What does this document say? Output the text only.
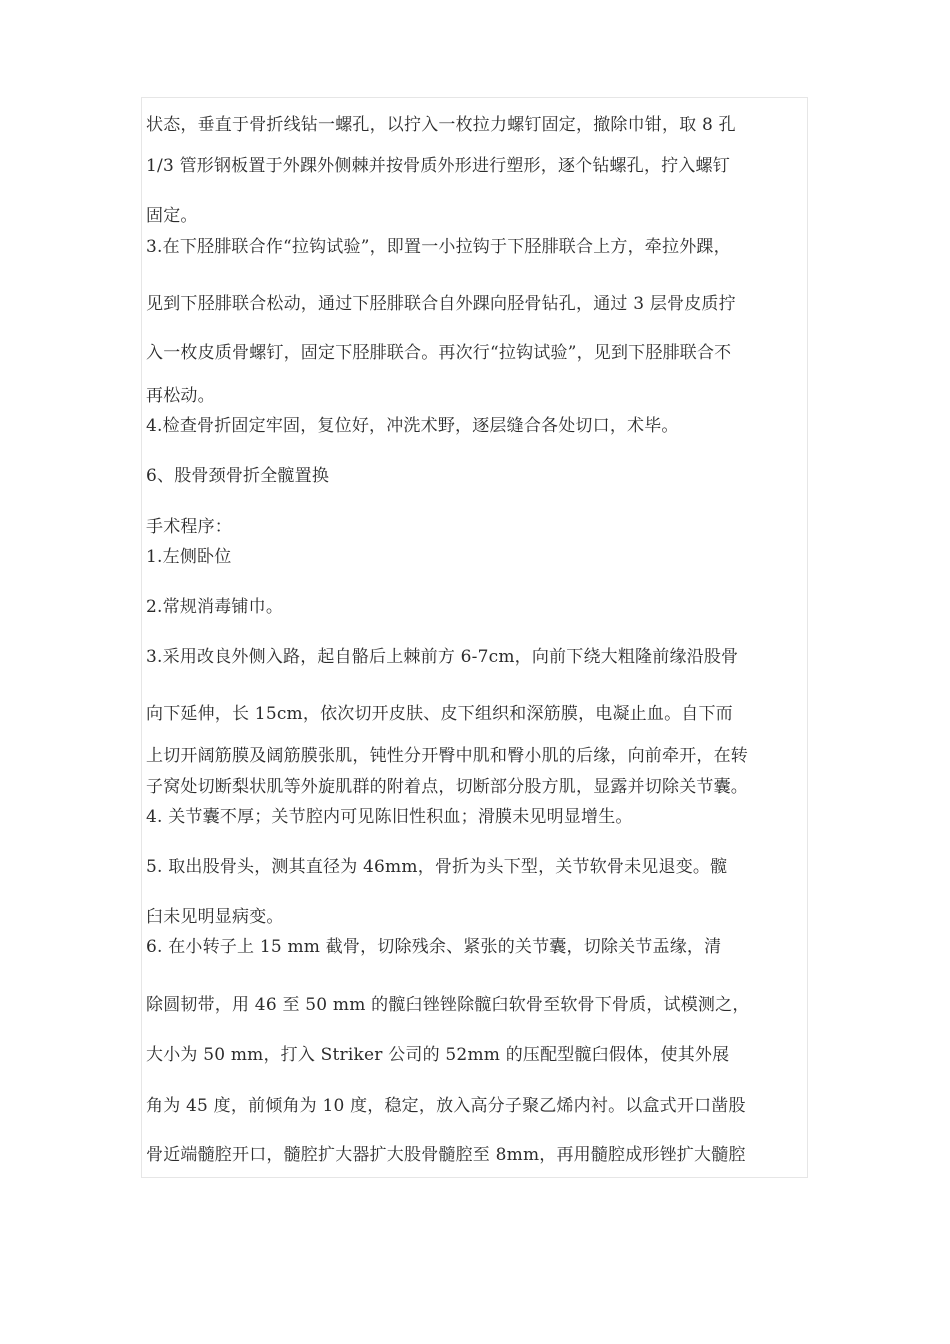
状态，垂直于骨折线钻一螺孔，以拧入一枚拉力螺钉固定，撤除巾钳，取 8 孔
1/3 管形钢板置于外踝外侧棘并按骨质外形进行塑形，逐个钻螺孔，拧入螺钉
固定。
3.在下胫腓联合作“拉钩试验”，即置一小拉钩于下胫腓联合上方，牵拉外踝，
见到下胫腓联合松动，通过下胫腓联合自外踝向胫骨钻孔，通过 3 层骨皮质拧
入一枚皮质骨螺钉，固定下胫腓联合。再次行“拉钩试验”，见到下胫腓联合不
再松动。
4.检查骨折固定牢固，复位好，冲洗术野，逐层缝合各处切口，术毕。
6、股骨颈骨折全髋置换
手术程序：
1.左侧卧位
2.常规消毒铺巾。
3.采用改良外侧入路，起自骼后上棘前方 6-7cm，向前下绕大粗隆前缘沿股骨
向下延伸，长 15cm，依次切开皮肤、皮下组织和深筋膜，电凝止血。自下而
上切开阔筋膜及阔筋膜张肌，钝性分开臀中肌和臀小肌的后缘，向前牵开，在转
子窝处切断梨状肌等外旋肌群的附着点，切断部分股方肌，显露并切除关节囊。
4. 关节囊不厚；关节腔内可见陈旧性积血；滑膜未见明显增生。
5. 取出股骨头，测其直径为 46mm，骨折为头下型，关节软骨未见退变。髋
臼未见明显病变。
6. 在小转子上 15 mm 截骨，切除残余、紧张的关节囊，切除关节盂缘，清
除圆韧带，用 46 至 50 mm 的髋臼锉锉除髋臼软骨至软骨下骨质，试模测之，
大小为 50 mm，打入 Striker 公司的 52mm 的压配型髋臼假体，使其外展
角为 45 度，前倾角为 10 度，稳定，放入高分子聚乙烯内衬。以盒式开口凿股
骨近端髓腔开口，髓腔扩大器扩大股骨髓腔至 8mm，再用髓腔成形锉扩大髓腔
